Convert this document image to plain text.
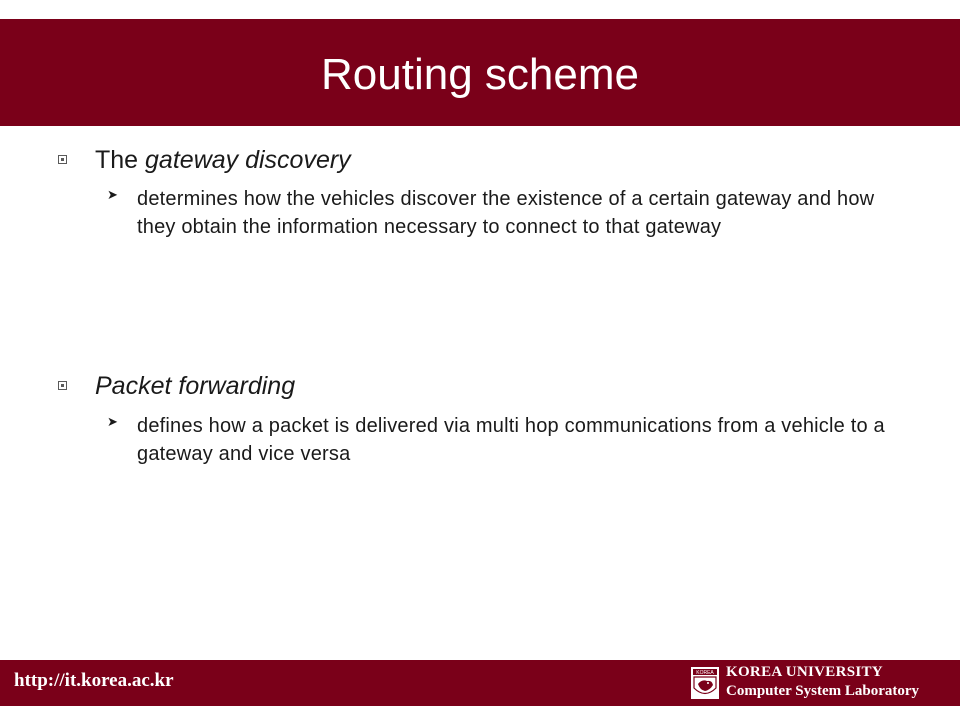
Routing scheme
The gateway discovery
➤ determines how the vehicles discover the existence of a certain gateway and how they obtain the information necessary to connect to that gateway
Packet forwarding
➤ defines how a packet is delivered via multi hop communications from a vehicle to a gateway and vice versa
http://it.korea.ac.kr	KOREA KOREA UNIVERSITY
Computer System Laboratory
